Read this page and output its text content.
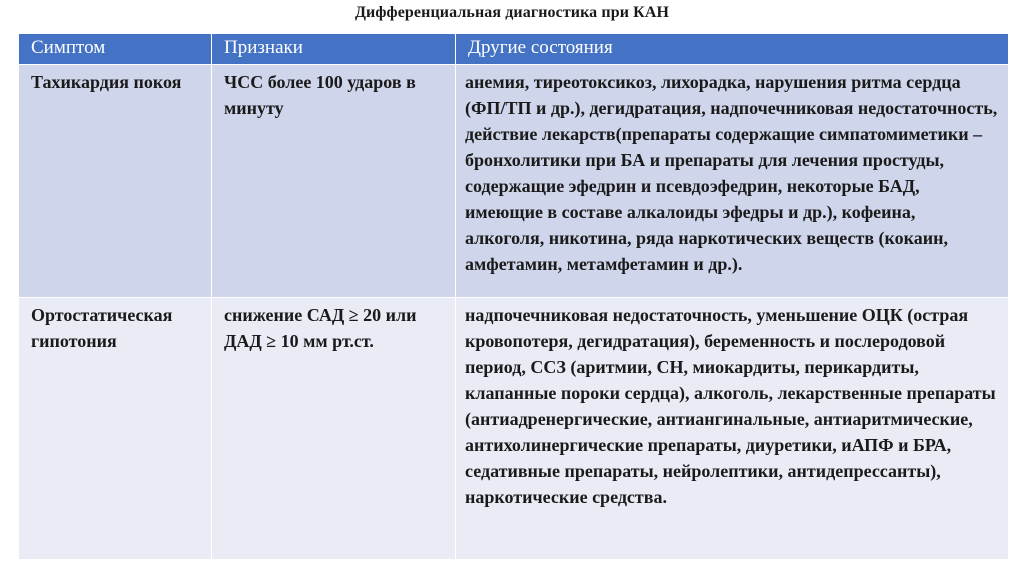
Дифференциальная диагностика при КАН
Симптом	Признаки	Другие состояния
Тахикардия покоя	ЧСС более 100 ударов в минуту	анемия, тиреотоксикоз, лихорадка, нарушения ритма сердца (ФП/ТП и др.), дегидратация, надпочечниковая недостаточность, действие лекарств(препараты содержащие симпатомиметики – бронхолитики при БА и препараты для лечения простуды, содержащие эфедрин и псевдоэфедрин, некоторые БАД, имеющие в составе алкалоиды эфедры и др.), кофеина, алкоголя, никотина, ряда наркотических веществ (кокаин, амфетамин, метамфетамин и др.).
Ортостатическая гипотония	снижение САД ≥ 20 или ДАД ≥ 10 мм рт.ст.	надпочечниковая недостаточность, уменьшение ОЦК (острая кровопотеря, дегидратация), беременность и послеродовой период, ССЗ (аритмии, СН, миокардиты, перикардиты, клапанные пороки сердца), алкоголь, лекарственные препараты (антиадренергические, антиангинальные, антиаритмические, антихолинергические препараты, диуретики, иАПФ и БРА, седативные препараты, нейролептики, антидепрессанты), наркотические средства.
